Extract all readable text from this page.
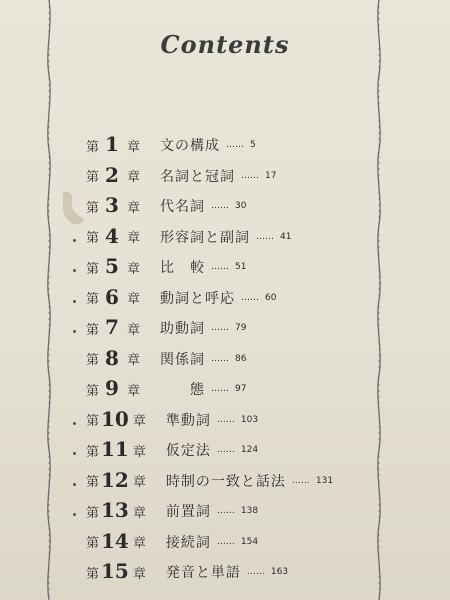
Contents
第 1 章 文の構成 …… 5
第 2 章 名詞と冠詞 …… 17
第 3 章 代名詞 …… 30
第 4 章 形容詞と副詞 …… 41
第 5 章 比　較 …… 51
第 6 章 動詞と呼応 …… 60
第 7 章 助動詞 …… 79
第 8 章 関係詞 …… 86
第 9 章 　　態 …… 97
第 10 章 準動詞 …… 103
第 11 章 仮定法 …… 124
第 12 章 時制の一致と話法 …… 131
第 13 章 前置詞 …… 138
第 14 章 接続詞 …… 154
第 15 章 発音と単語 …… 163
